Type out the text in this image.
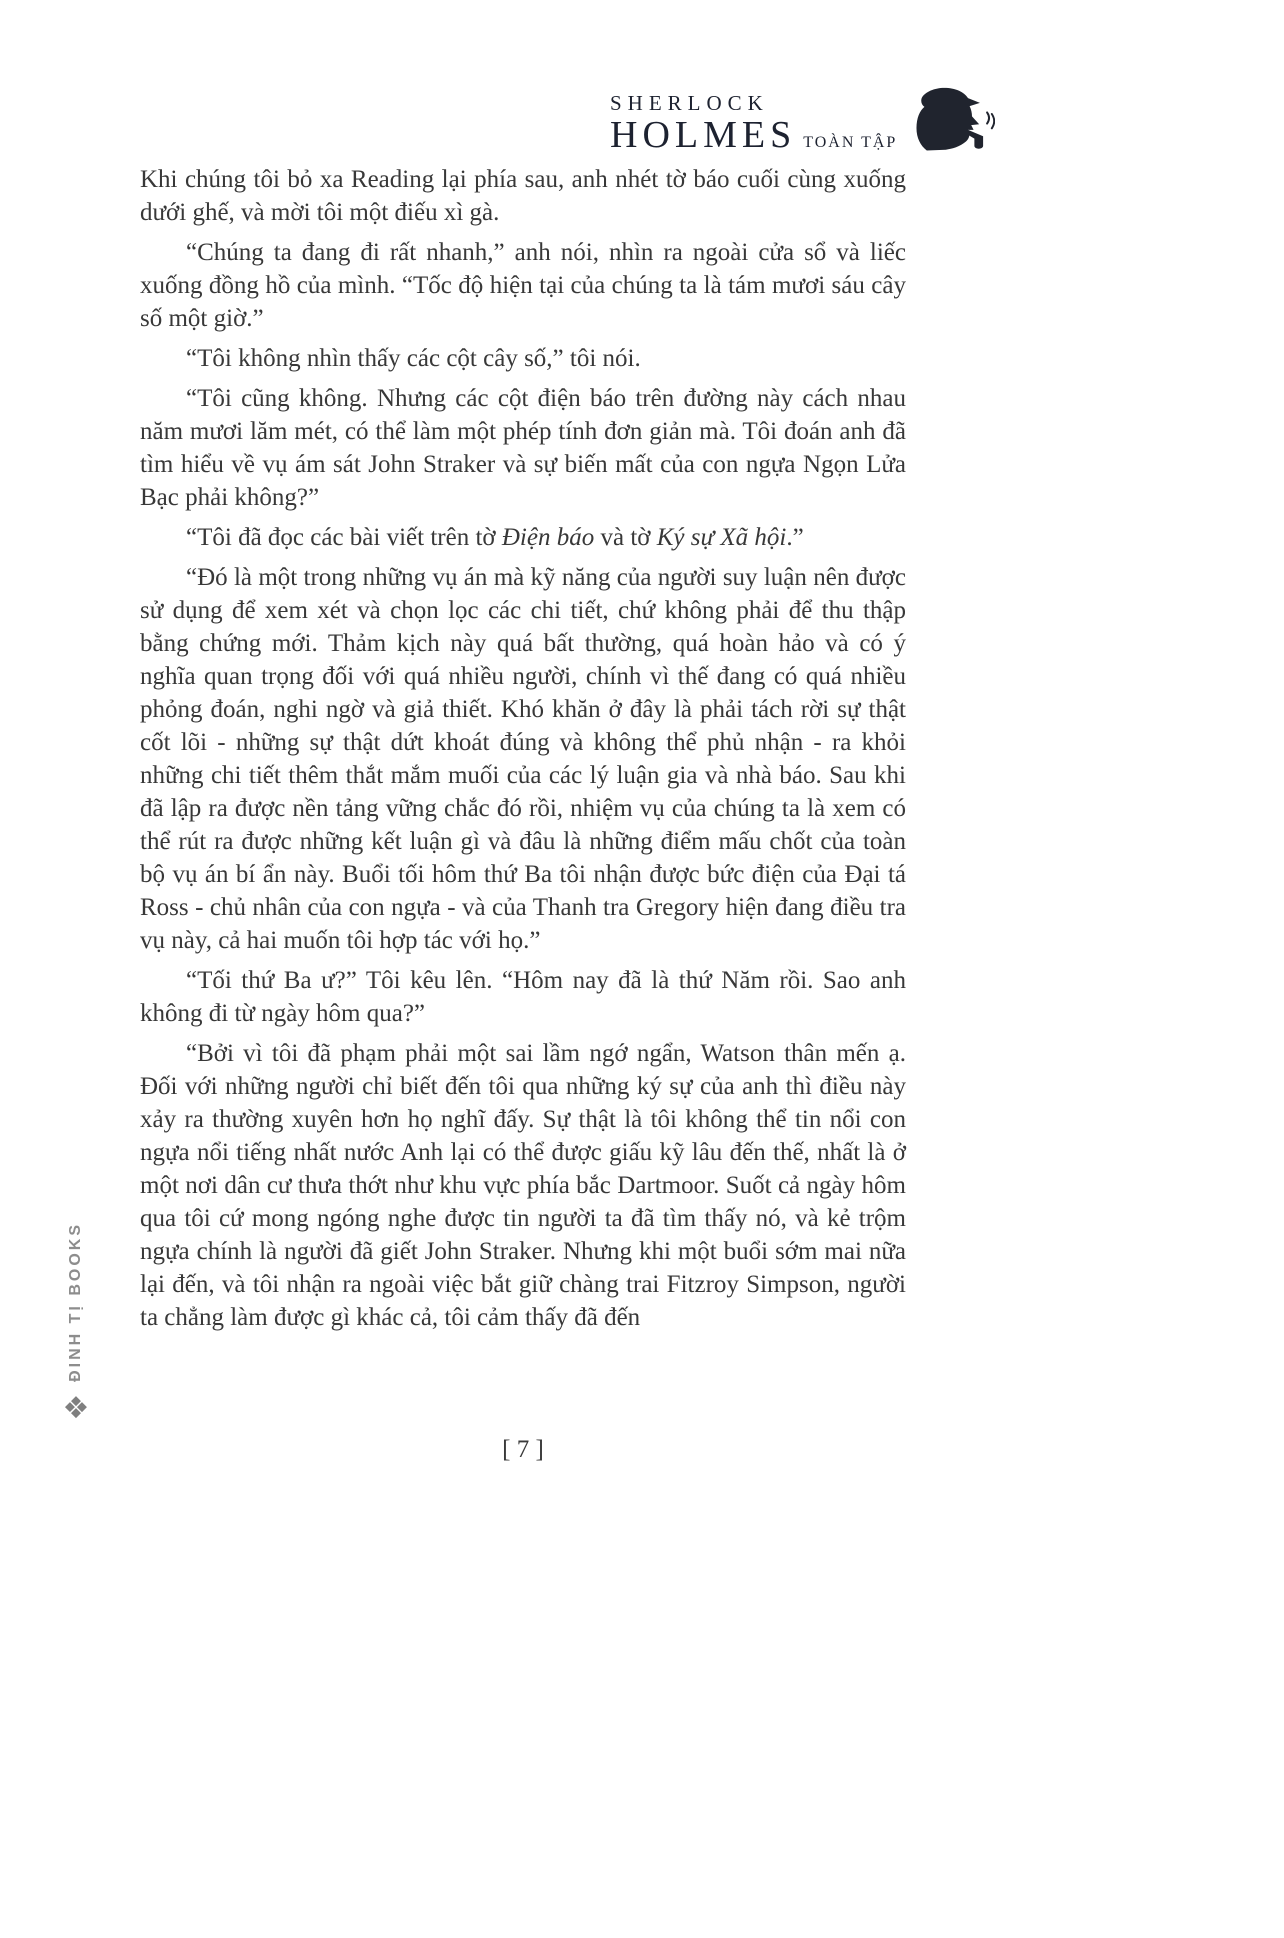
SHERLOCK
HOLMES TOÀN TẬP

Khi chúng tôi bỏ xa Reading lại phía sau, anh nhét tờ báo cuối cùng xuống dưới ghế, và mời tôi một điếu xì gà.

“Chúng ta đang đi rất nhanh,” anh nói, nhìn ra ngoài cửa sổ và liếc xuống đồng hồ của mình. “Tốc độ hiện tại của chúng ta là tám mươi sáu cây số một giờ.”

“Tôi không nhìn thấy các cột cây số,” tôi nói.

“Tôi cũng không. Nhưng các cột điện báo trên đường này cách nhau năm mươi lăm mét, có thể làm một phép tính đơn giản mà. Tôi đoán anh đã tìm hiểu về vụ ám sát John Straker và sự biến mất của con ngựa Ngọn Lửa Bạc phải không?”

“Tôi đã đọc các bài viết trên tờ Điện báo và tờ Ký sự Xã hội.”

“Đó là một trong những vụ án mà kỹ năng của người suy luận nên được sử dụng để xem xét và chọn lọc các chi tiết, chứ không phải để thu thập bằng chứng mới. Thảm kịch này quá bất thường, quá hoàn hảo và có ý nghĩa quan trọng đối với quá nhiều người, chính vì thế đang có quá nhiều phỏng đoán, nghi ngờ và giả thiết. Khó khăn ở đây là phải tách rời sự thật cốt lõi - những sự thật dứt khoát đúng và không thể phủ nhận - ra khỏi những chi tiết thêm thắt mắm muối của các lý luận gia và nhà báo. Sau khi đã lập ra được nền tảng vững chắc đó rồi, nhiệm vụ của chúng ta là xem có thể rút ra được những kết luận gì và đâu là những điểm mấu chốt của toàn bộ vụ án bí ẩn này. Buổi tối hôm thứ Ba tôi nhận được bức điện của Đại tá Ross - chủ nhân của con ngựa - và của Thanh tra Gregory hiện đang điều tra vụ này, cả hai muốn tôi hợp tác với họ.”

“Tối thứ Ba ư?” Tôi kêu lên. “Hôm nay đã là thứ Năm rồi. Sao anh không đi từ ngày hôm qua?”

“Bởi vì tôi đã phạm phải một sai lầm ngớ ngẩn, Watson thân mến ạ. Đối với những người chỉ biết đến tôi qua những ký sự của anh thì điều này xảy ra thường xuyên hơn họ nghĩ đấy. Sự thật là tôi không thể tin nổi con ngựa nổi tiếng nhất nước Anh lại có thể được giấu kỹ lâu đến thế, nhất là ở một nơi dân cư thưa thớt như khu vực phía bắc Dartmoor. Suốt cả ngày hôm qua tôi cứ mong ngóng nghe được tin người ta đã tìm thấy nó, và kẻ trộm ngựa chính là người đã giết John Straker. Nhưng khi một buổi sớm mai nữa lại đến, và tôi nhận ra ngoài việc bắt giữ chàng trai Fitzroy Simpson, người ta chẳng làm được gì khác cả, tôi cảm thấy đã đến

ĐINH TỊ BOOKS
❖
[ 7 ]
